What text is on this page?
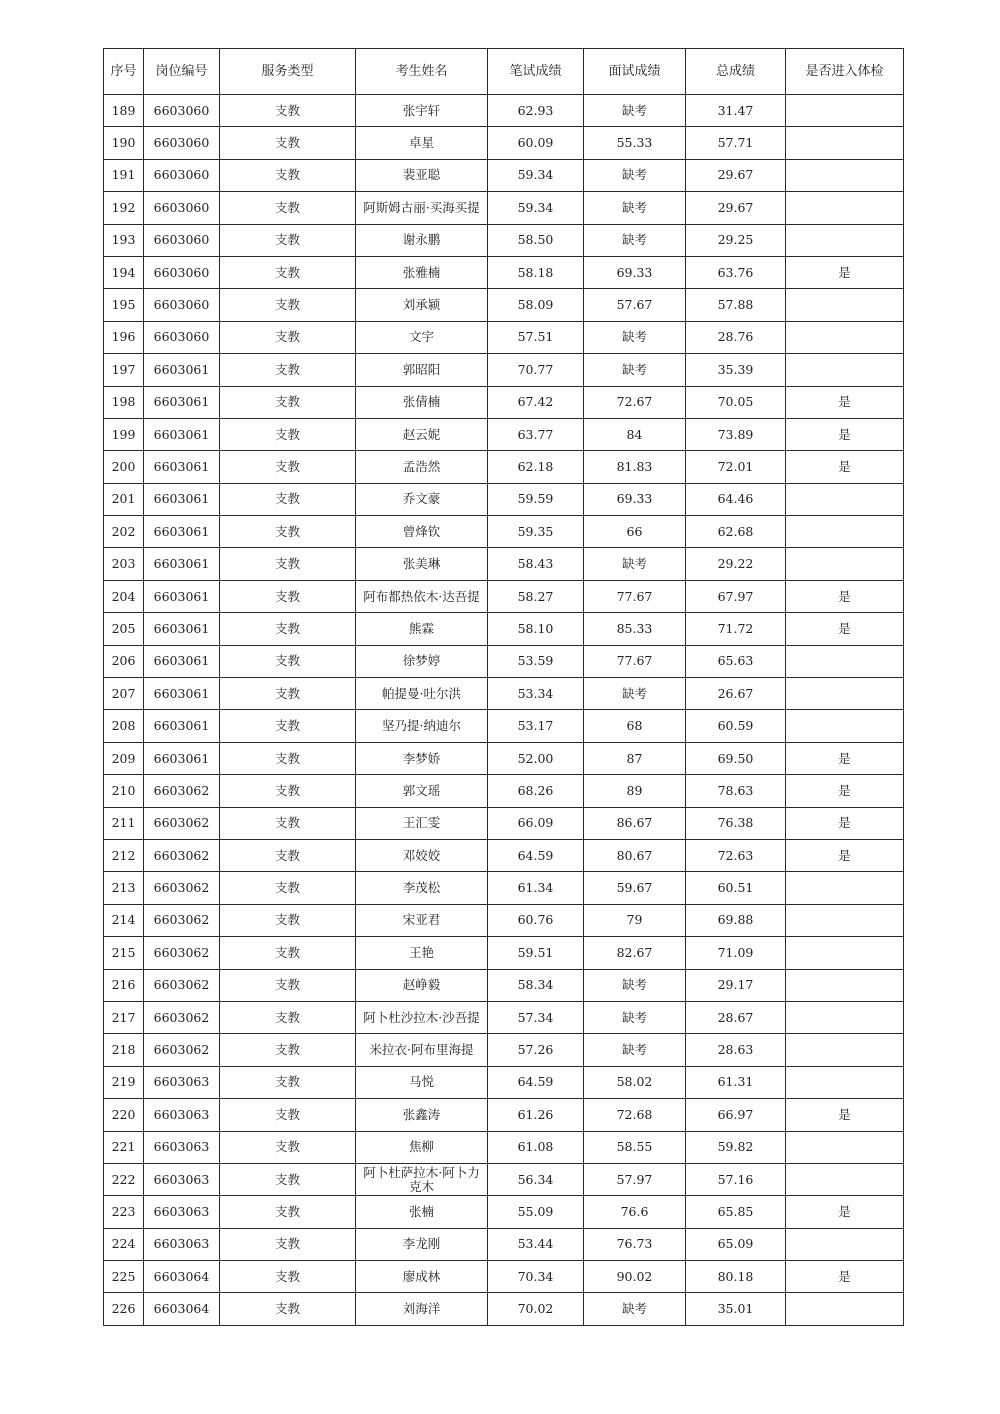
序号	岗位编号	服务类型	考生姓名	笔试成绩	面试成绩	总成绩	是否进入体检
189	6603060	支教	张宇轩	62.93	缺考	31.47	
190	6603060	支教	卓星	60.09	55.33	57.71	
191	6603060	支教	裴亚聪	59.34	缺考	29.67	
192	6603060	支教	阿斯姆古丽·买海买提	59.34	缺考	29.67	
193	6603060	支教	谢永鹏	58.50	缺考	29.25	
194	6603060	支教	张雅楠	58.18	69.33	63.76	是
195	6603060	支教	刘承颍	58.09	57.67	57.88	
196	6603060	支教	文宇	57.51	缺考	28.76	
197	6603061	支教	郭昭阳	70.77	缺考	35.39	
198	6603061	支教	张倩楠	67.42	72.67	70.05	是
199	6603061	支教	赵云妮	63.77	84	73.89	是
200	6603061	支教	孟浩然	62.18	81.83	72.01	是
201	6603061	支教	乔文豪	59.59	69.33	64.46	
202	6603061	支教	曾烽钦	59.35	66	62.68	
203	6603061	支教	张美琳	58.43	缺考	29.22	
204	6603061	支教	阿布都热依木·达吾提	58.27	77.67	67.97	是
205	6603061	支教	熊霖	58.10	85.33	71.72	是
206	6603061	支教	徐梦婷	53.59	77.67	65.63	
207	6603061	支教	帕提曼·吐尔洪	53.34	缺考	26.67	
208	6603061	支教	坚乃提·纳迪尔	53.17	68	60.59	
209	6603061	支教	李梦娇	52.00	87	69.50	是
210	6603062	支教	郭文瑶	68.26	89	78.63	是
211	6603062	支教	王汇雯	66.09	86.67	76.38	是
212	6603062	支教	邓姣姣	64.59	80.67	72.63	是
213	6603062	支教	李茂松	61.34	59.67	60.51	
214	6603062	支教	宋亚君	60.76	79	69.88	
215	6603062	支教	王艳	59.51	82.67	71.09	
216	6603062	支教	赵峥毅	58.34	缺考	29.17	
217	6603062	支教	阿卜杜沙拉木·沙吾提	57.34	缺考	28.67	
218	6603062	支教	米拉衣·阿布里海提	57.26	缺考	28.63	
219	6603063	支教	马悦	64.59	58.02	61.31	
220	6603063	支教	张鑫涛	61.26	72.68	66.97	是
221	6603063	支教	焦柳	61.08	58.55	59.82	
222	6603063	支教	阿卜杜萨拉木·阿卜力克木	56.34	57.97	57.16	
223	6603063	支教	张楠	55.09	76.6	65.85	是
224	6603063	支教	李龙刚	53.44	76.73	65.09	
225	6603064	支教	廖成林	70.34	90.02	80.18	是
226	6603064	支教	刘海洋	70.02	缺考	35.01	
